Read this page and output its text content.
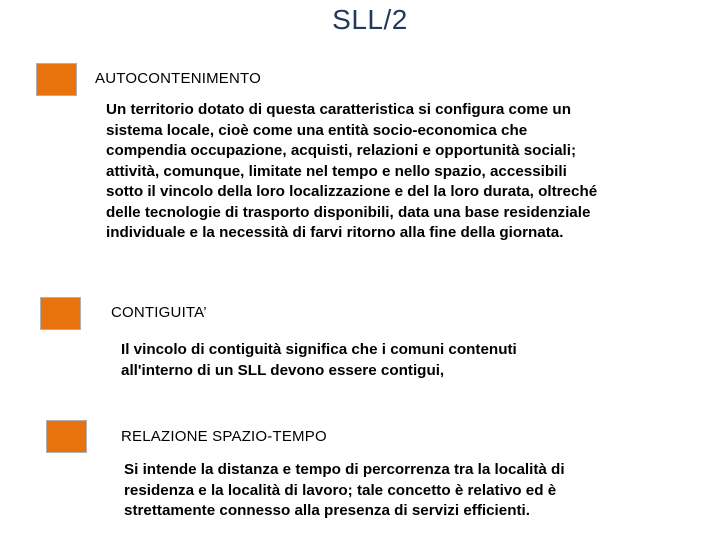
SLL/2
AUTOCONTENIMENTO
Un territorio dotato di questa caratteristica si configura come un
sistema locale, cioè come una entità socio-economica che
compendia occupazione, acquisti, relazioni e opportunità sociali;
attività, comunque, limitate nel tempo e nello spazio, accessibili
sotto il vincolo della loro localizzazione e del la loro durata, oltreché
delle tecnologie di trasporto disponibili, data una base residenziale
individuale e la necessità di farvi ritorno alla fine della giornata.
CONTIGUITA’
Il vincolo di contiguità significa che i comuni contenuti
all'interno di un SLL devono essere contigui,
RELAZIONE SPAZIO-TEMPO
Si intende la distanza e tempo di percorrenza tra la località di
residenza e la località di lavoro; tale concetto è relativo ed è
strettamente connesso alla presenza di servizi efficienti.
